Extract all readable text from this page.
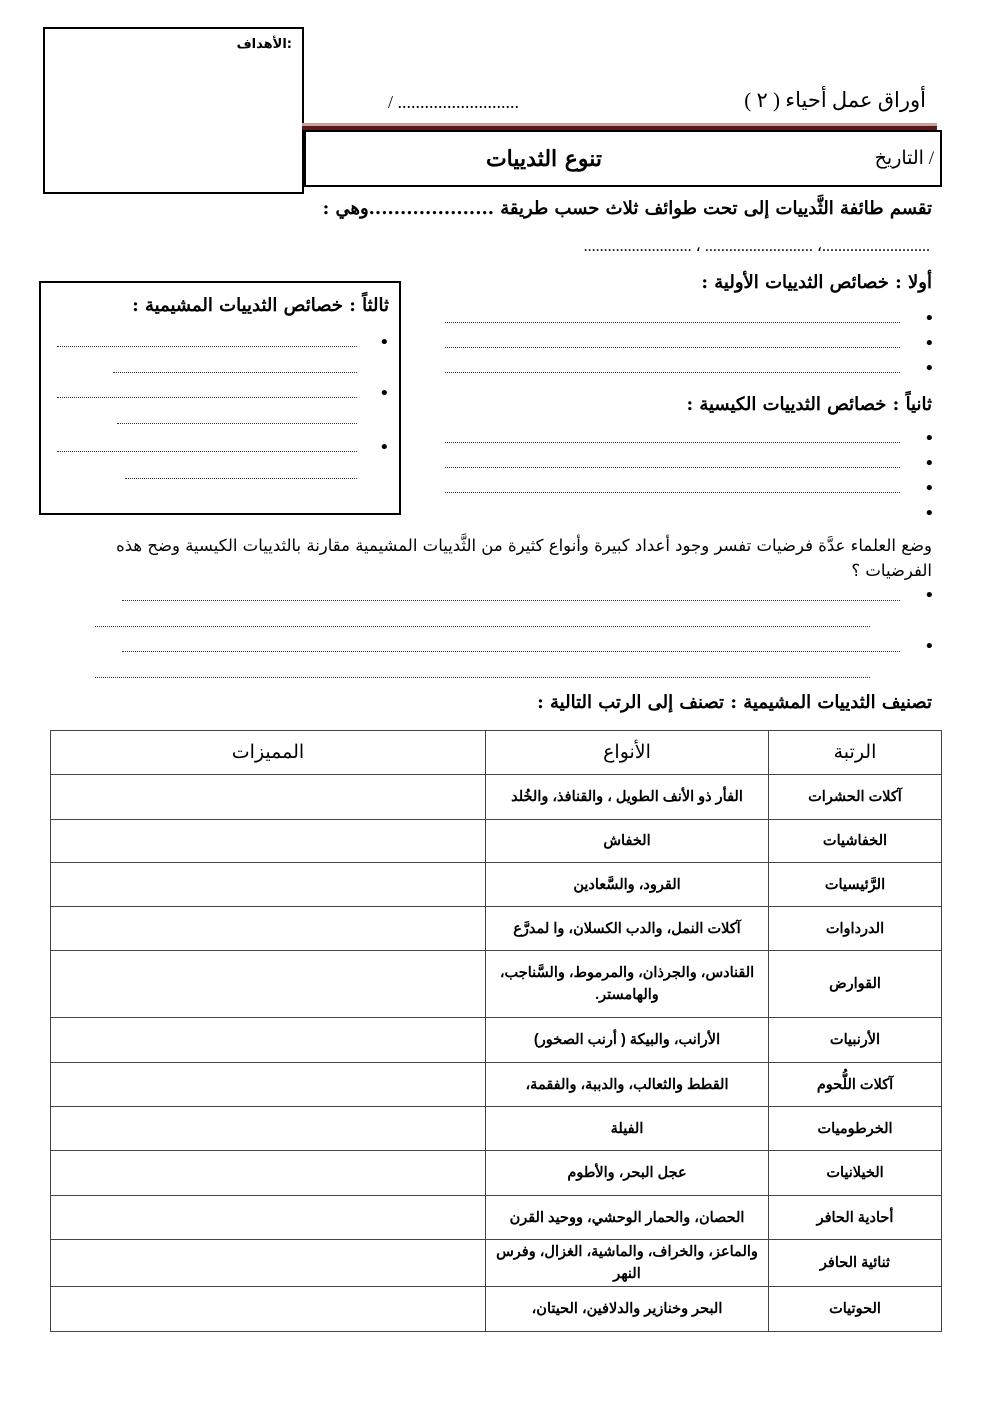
الأهداف:
أوراق عمل أحياء ( ٢ )
/ ...........................
تنوع الثدييات	التاريخ /
تقسم طائفة الثَّدييات إلى تحت طوائف ثلاث حسب طريقة ....................وهي :
...........................، ........................... ، ...........................
أولا : خصائص الثدييات الأولية :
•
•
•
ثانياً : خصائص الثدييات الكيسية :
•
•
•
•
ثالثاً : خصائص الثدييات المشيمية :
•
•
•
وضع العلماء عدَّة فرضيات تفسر وجود أعداد كبيرة وأنواع كثيرة من الثَّدييات المشيمية مقارنة بالثدييات الكيسية وضح هذه الفرضيات ؟
•
•
تصنيف الثدييات المشيمية : تصنف إلى الرتب التالية :
الرتبة	الأنواع	المميزات
آكلات الحشرات	الفأر ذو الأنف الطويل ، والقنافذ، والخُلد	
الخفاشيات	الخفاش	
الرَّئيسيات	القرود، والسَّعادين	
الدرداوات	آكلات النمل، والدب الكسلان، وا لمدرَّع	
القوارض	القنادس، والجرذان، والمرموط، والسَّناجب، والهامستر.	
الأرنبيات	الأرانب، والبيكة ( أرنب الصخور)	
آكلات اللُّحوم	القطط والثعالب، والدببة، والفقمة،	
الخرطوميات	الفيلة	
الخيلانيات	عجل البحر، والأطوم	
أحادية الحافر	الحصان، والحمار الوحشي، ووحيد القرن	
ثنائية الحافر	والماعز، والخراف، والماشية، الغزال، وفرس النهر	
الحوتيات	البحر وخنازير والدلافين، الحيتان،	
